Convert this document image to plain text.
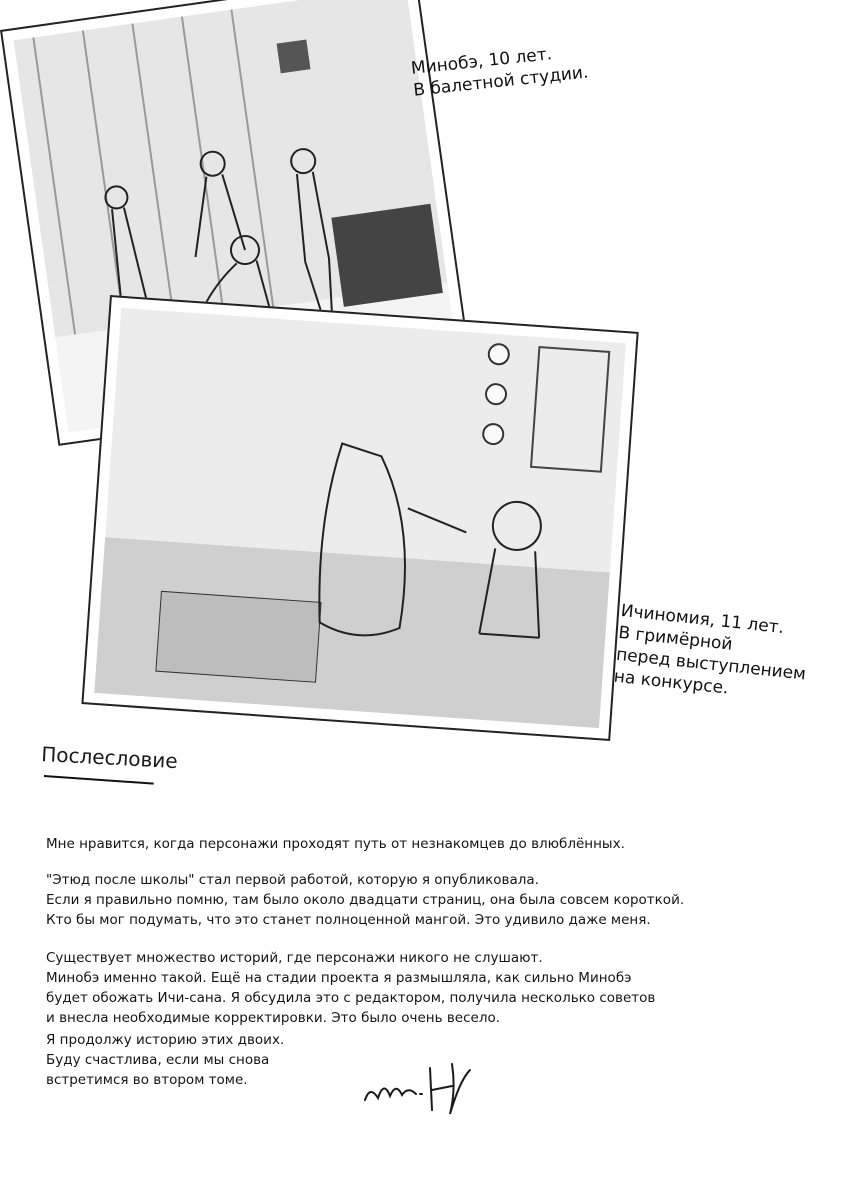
Минобэ, 10 лет.
В балетной студии.
Ичиномия, 11 лет.
В гримёрной
перед выступлением
на конкурсе.
Послесловие
Мне нравится, когда персонажи проходят путь от незнакомцев до влюблённых.
"Этюд после школы" стал первой работой, которую я опубликовала.
Если я правильно помню, там было около двадцати страниц, она была совсем короткой.
Кто бы мог подумать, что это станет полноценной мангой. Это удивило даже меня.
Существует множество историй, где персонажи никого не слушают.
Минобэ именно такой. Ещё на стадии проекта я размышляла, как сильно Минобэ
будет обожать Ичи-сана. Я обсудила это с редактором, получила несколько советов
и внесла необходимые корректировки. Это было очень весело.
Я продолжу историю этих двоих.
Буду счастлива, если мы снова
встретимся во втором томе.
